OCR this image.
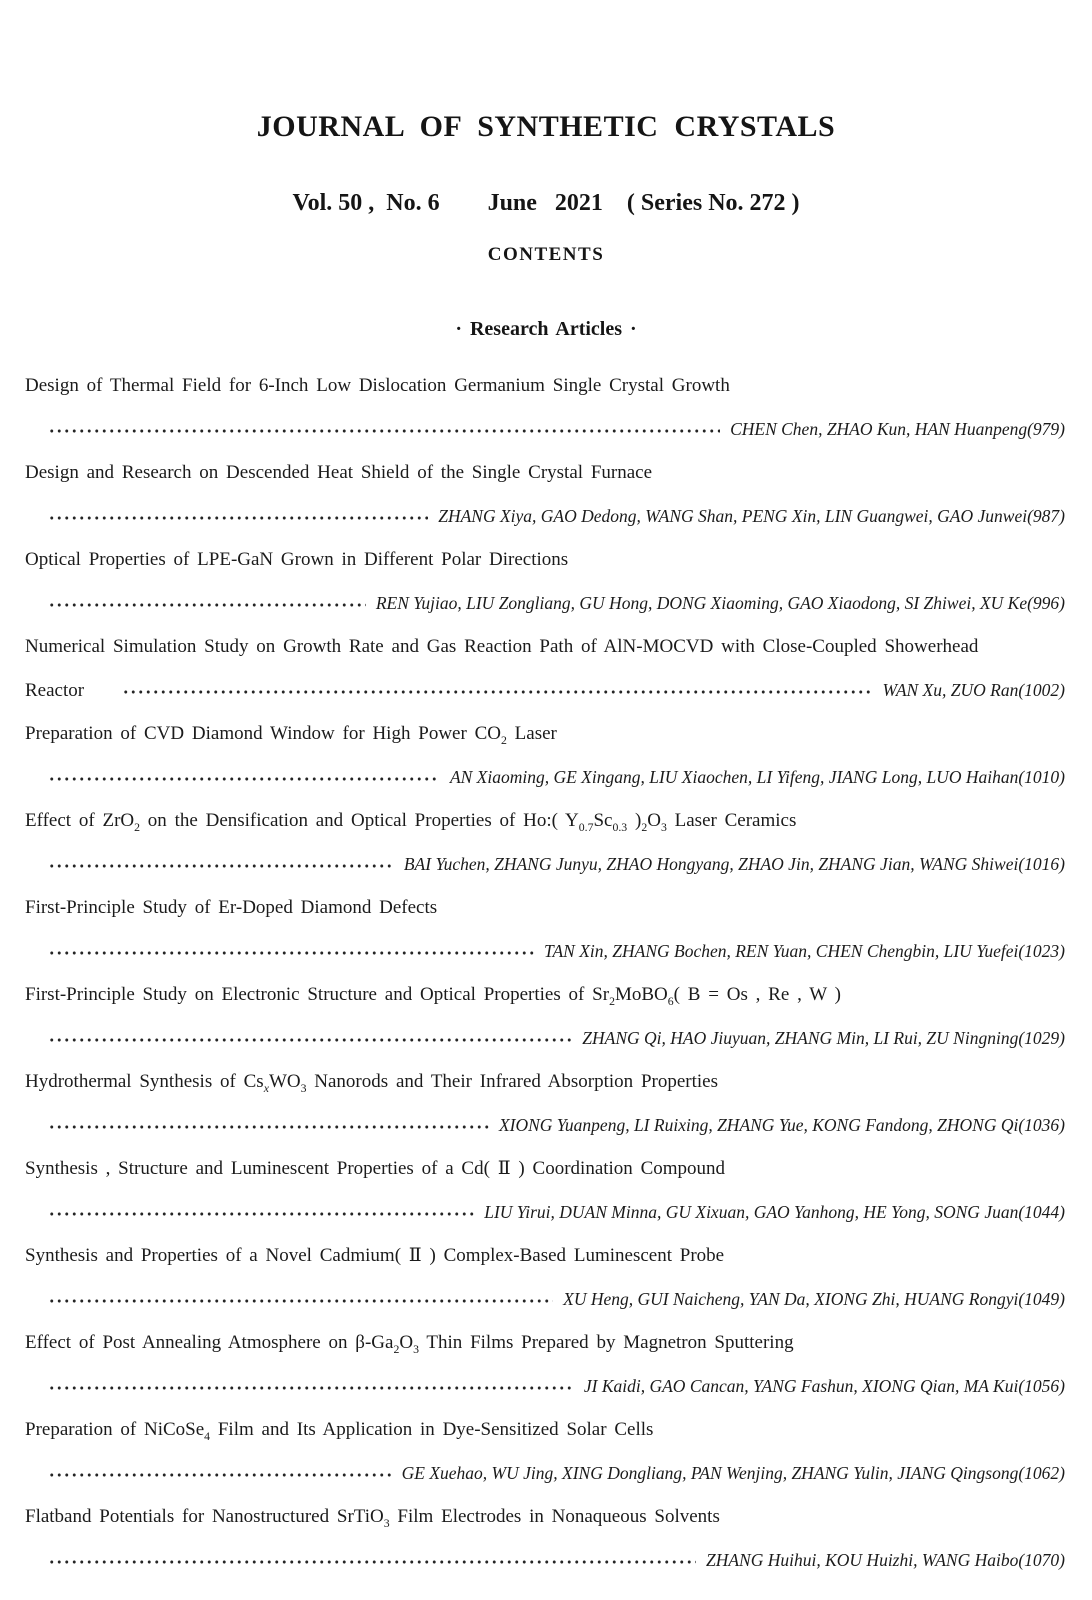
JOURNAL OF SYNTHETIC CRYSTALS
Vol. 50 ,  No. 6        June   2021    ( Series No. 272 )
CONTENTS
· Research Articles ·
Design of Thermal Field for 6-Inch Low Dislocation Germanium Single Crystal Growth
CHEN Chen, ZHAO Kun, HAN Huanpeng(979)
Design and Research on Descended Heat Shield of the Single Crystal Furnace
ZHANG Xiya, GAO Dedong, WANG Shan, PENG Xin, LIN Guangwei, GAO Junwei(987)
Optical Properties of LPE-GaN Grown in Different Polar Directions
REN Yujiao, LIU Zongliang, GU Hong, DONG Xiaoming, GAO Xiaodong, SI Zhiwei, XU Ke(996)
Numerical Simulation Study on Growth Rate and Gas Reaction Path of AlN-MOCVD with Close-Coupled Showerhead
Reactor	WAN Xu, ZUO Ran(1002)
Preparation of CVD Diamond Window for High Power $CO_2$ Laser
AN Xiaoming, GE Xingang, LIU Xiaochen, LI Yifeng, JIANG Long, LUO Haihan(1010)
Effect of ZrO$_2$ on the Densification and Optical Properties of Ho:( $Y_{0.7}Sc_{0.3}$ )$_2O_3$ Laser Ceramics
BAI Yuchen, ZHANG Junyu, ZHAO Hongyang, ZHAO Jin, ZHANG Jian, WANG Shiwei(1016)
First-Principle Study of Er-Doped Diamond Defects
TAN Xin, ZHANG Bochen, REN Yuan, CHEN Chengbin, LIU Yuefei(1023)
First-Principle Study on Electronic Structure and Optical Properties of $Sr_2MoBO_6$( B = Os , Re , W )
ZHANG Qi, HAO Jiuyuan, ZHANG Min, LI Rui, ZU Ningning(1029)
Hydrothermal Synthesis of $Cs_xWO_3$ Nanorods and Their Infrared Absorption Properties
XIONG Yuanpeng, LI Ruixing, ZHANG Yue, KONG Fandong, ZHONG Qi(1036)
Synthesis , Structure and Luminescent Properties of a Cd( Ⅱ ) Coordination Compound
LIU Yirui, DUAN Minna, GU Xixuan, GAO Yanhong, HE Yong, SONG Juan(1044)
Synthesis and Properties of a Novel Cadmium( Ⅱ ) Complex-Based Luminescent Probe
XU Heng, GUI Naicheng, YAN Da, XIONG Zhi, HUANG Rongyi(1049)
Effect of Post Annealing Atmosphere on $\beta-Ga_2O_3$ Thin Films Prepared by Magnetron Sputtering
JI Kaidi, GAO Cancan, YANG Fashun, XIONG Qian, MA Kui(1056)
Preparation of NiCoSe$_4$ Film and Its Application in Dye-Sensitized Solar Cells
GE Xuehao, WU Jing, XING Dongliang, PAN Wenjing, ZHANG Yulin, JIANG Qingsong(1062)
Flatband Potentials for Nanostructured SrTiO$_3$ Film Electrodes in Nonaqueous Solvents
ZHANG Huihui, KOU Huizhi, WANG Haibo(1070)
